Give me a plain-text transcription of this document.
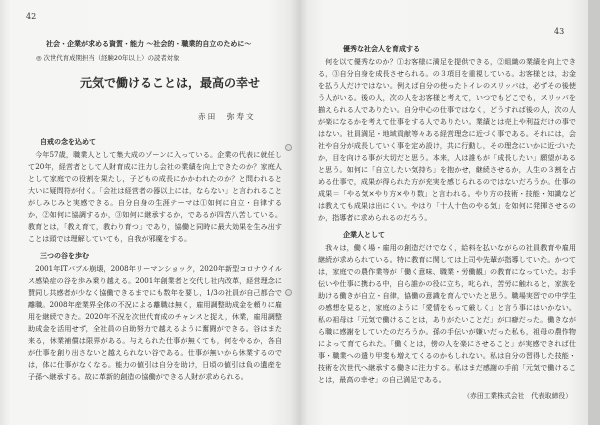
42
社会・企業が求める資質・能力 ～社会的・職業的自立のために～
◎ 次世代育成期担当（経験20年以上）の読者対象
元気で働けることは，最高の幸せ
赤田　弥寿文
自戒の念を込めて

今年57歳，職業人として集大成のゾーンに入っている。企業の代表に就任して20年，経営者として人財育成に注力し会社の業績を向上できたのか？家庭人として家庭での役割を果たし，子どもの成長にかかわれたのか？と問われると大いに疑問符が付く。「会社は経営者の器以上には，ならない」と言われることがしみじみと実感できる。自分自身の生涯テーマは①如何に自立・自律するか，②如何に協調するか，③如何に継承するか，であるが四苦八苦している。教育とは，「教え育て，教わり育つ」であり，協働と同時に最大効果を生み出すことは頭では理解していても，自我が邪魔をする。

三つの谷を歩む

2001年ITバブル崩壊，2008年リーマンショック，2020年新型コロナウイルス感染症の谷を歩み乗り越える。2001年創業者と交代し社内改革，経営理念に賛同し共感者が少なく協働できるまでにも数年を要し，1/3の社員が自己都合で離職。2008年産業界全体の不況による離職は無く，雇用調整助成金を頼りに雇用を継続できた。2020年不況を次世代育成のチャンスと捉え，休業，雇用調整助成金を活用せず，全社員の自助努力で越えるように奮闘ができる。谷はまた来る，休業補償は限界がある。与えられた仕事が無くても，何をやるか，各自が仕事を創り出さないと越えられない谷である。仕事が無いから休業するのでは，体に仕事がなくなる。能力の値引は自分を助け，日頃の値引は負の遺産を子孫へ継承する。故に革新的創造の協働ができる人財が求められる。

43
優秀な社会人を育成する

何を以て優秀なのか？①お客様に満足を提供できる，②組織の業績を向上できる，③自分自身を成長させられる。の３項目を重視している。お客様とは，お金を払う人だけではない。例えば自分の使ったトイレのスリッパは，必ずその後使う人がいる。後の人，次の人をお客様と考えて，いつでもどこでも，スリッパを揃えられる人でありたい。自分中心の仕事ではなく，どうすれば後の人，次の人が楽になるかを考えて仕事をする人でありたい。業績とは売上や利益だけの事ではない。社員満足・地域貢献等々ある経営理念に近づく事である。それには，会社や自分が成長していく事を定め設け，共に行動し，その理念にいかに近づいたか，目を向ける事が大切だと思う。本来，人は誰もが「成長したい」願望があると思う。如何に「自立したい気持ち」を抱かせ，継続させるか，人生の３割を占める仕事で，成果が得られた方が充実を感じられるのではないだろうか。仕事の成果＝「やる気×やり方×やり数」と言われる。やり方の技術・技能・知識などは教えても成果は出にくい。やはり「十人十色のやる気」を如何に発揮させるのか，指導者に求められるのだろう。

企業人として

我々は，働く場・雇用の創造だけでなく，給料を払いながらの社員教育や雇用継続が求められている。特に教育に関しては上司や先輩が指導していた。かつては，家庭での農作業等が「働く意味、職業・労働観」の教育になっていた。お手伝いや仕事に携わる中，自ら誰かの役に立ち，叱られ，苦労に触れると，家族を助ける働きが自立・自律，協働の意識を育んでいたと思う。職場実習での中学生の感想を見ると，家庭のように「愛情をもって厳しく」と言う事にはいかない。私の祖母は「元気で働けることは，ありがたいことだ」が口癖だった。働きながら職に感謝をしていたのだろうか。孫の手伝いが嫌いだった私も，祖母の農作物によって育てられた。「働くとは，傍の人を楽にさせること」が実感できれば仕事・職業への遣り甲斐も増えてくるのかもしれない。私は自分の習得した技能・技術を次世代へ継承する働きに注力する。私はまだ感謝の手前「元気で働けることは，最高の幸せ」の自己満足である。

（赤田工業株式会社　代表取締役）
